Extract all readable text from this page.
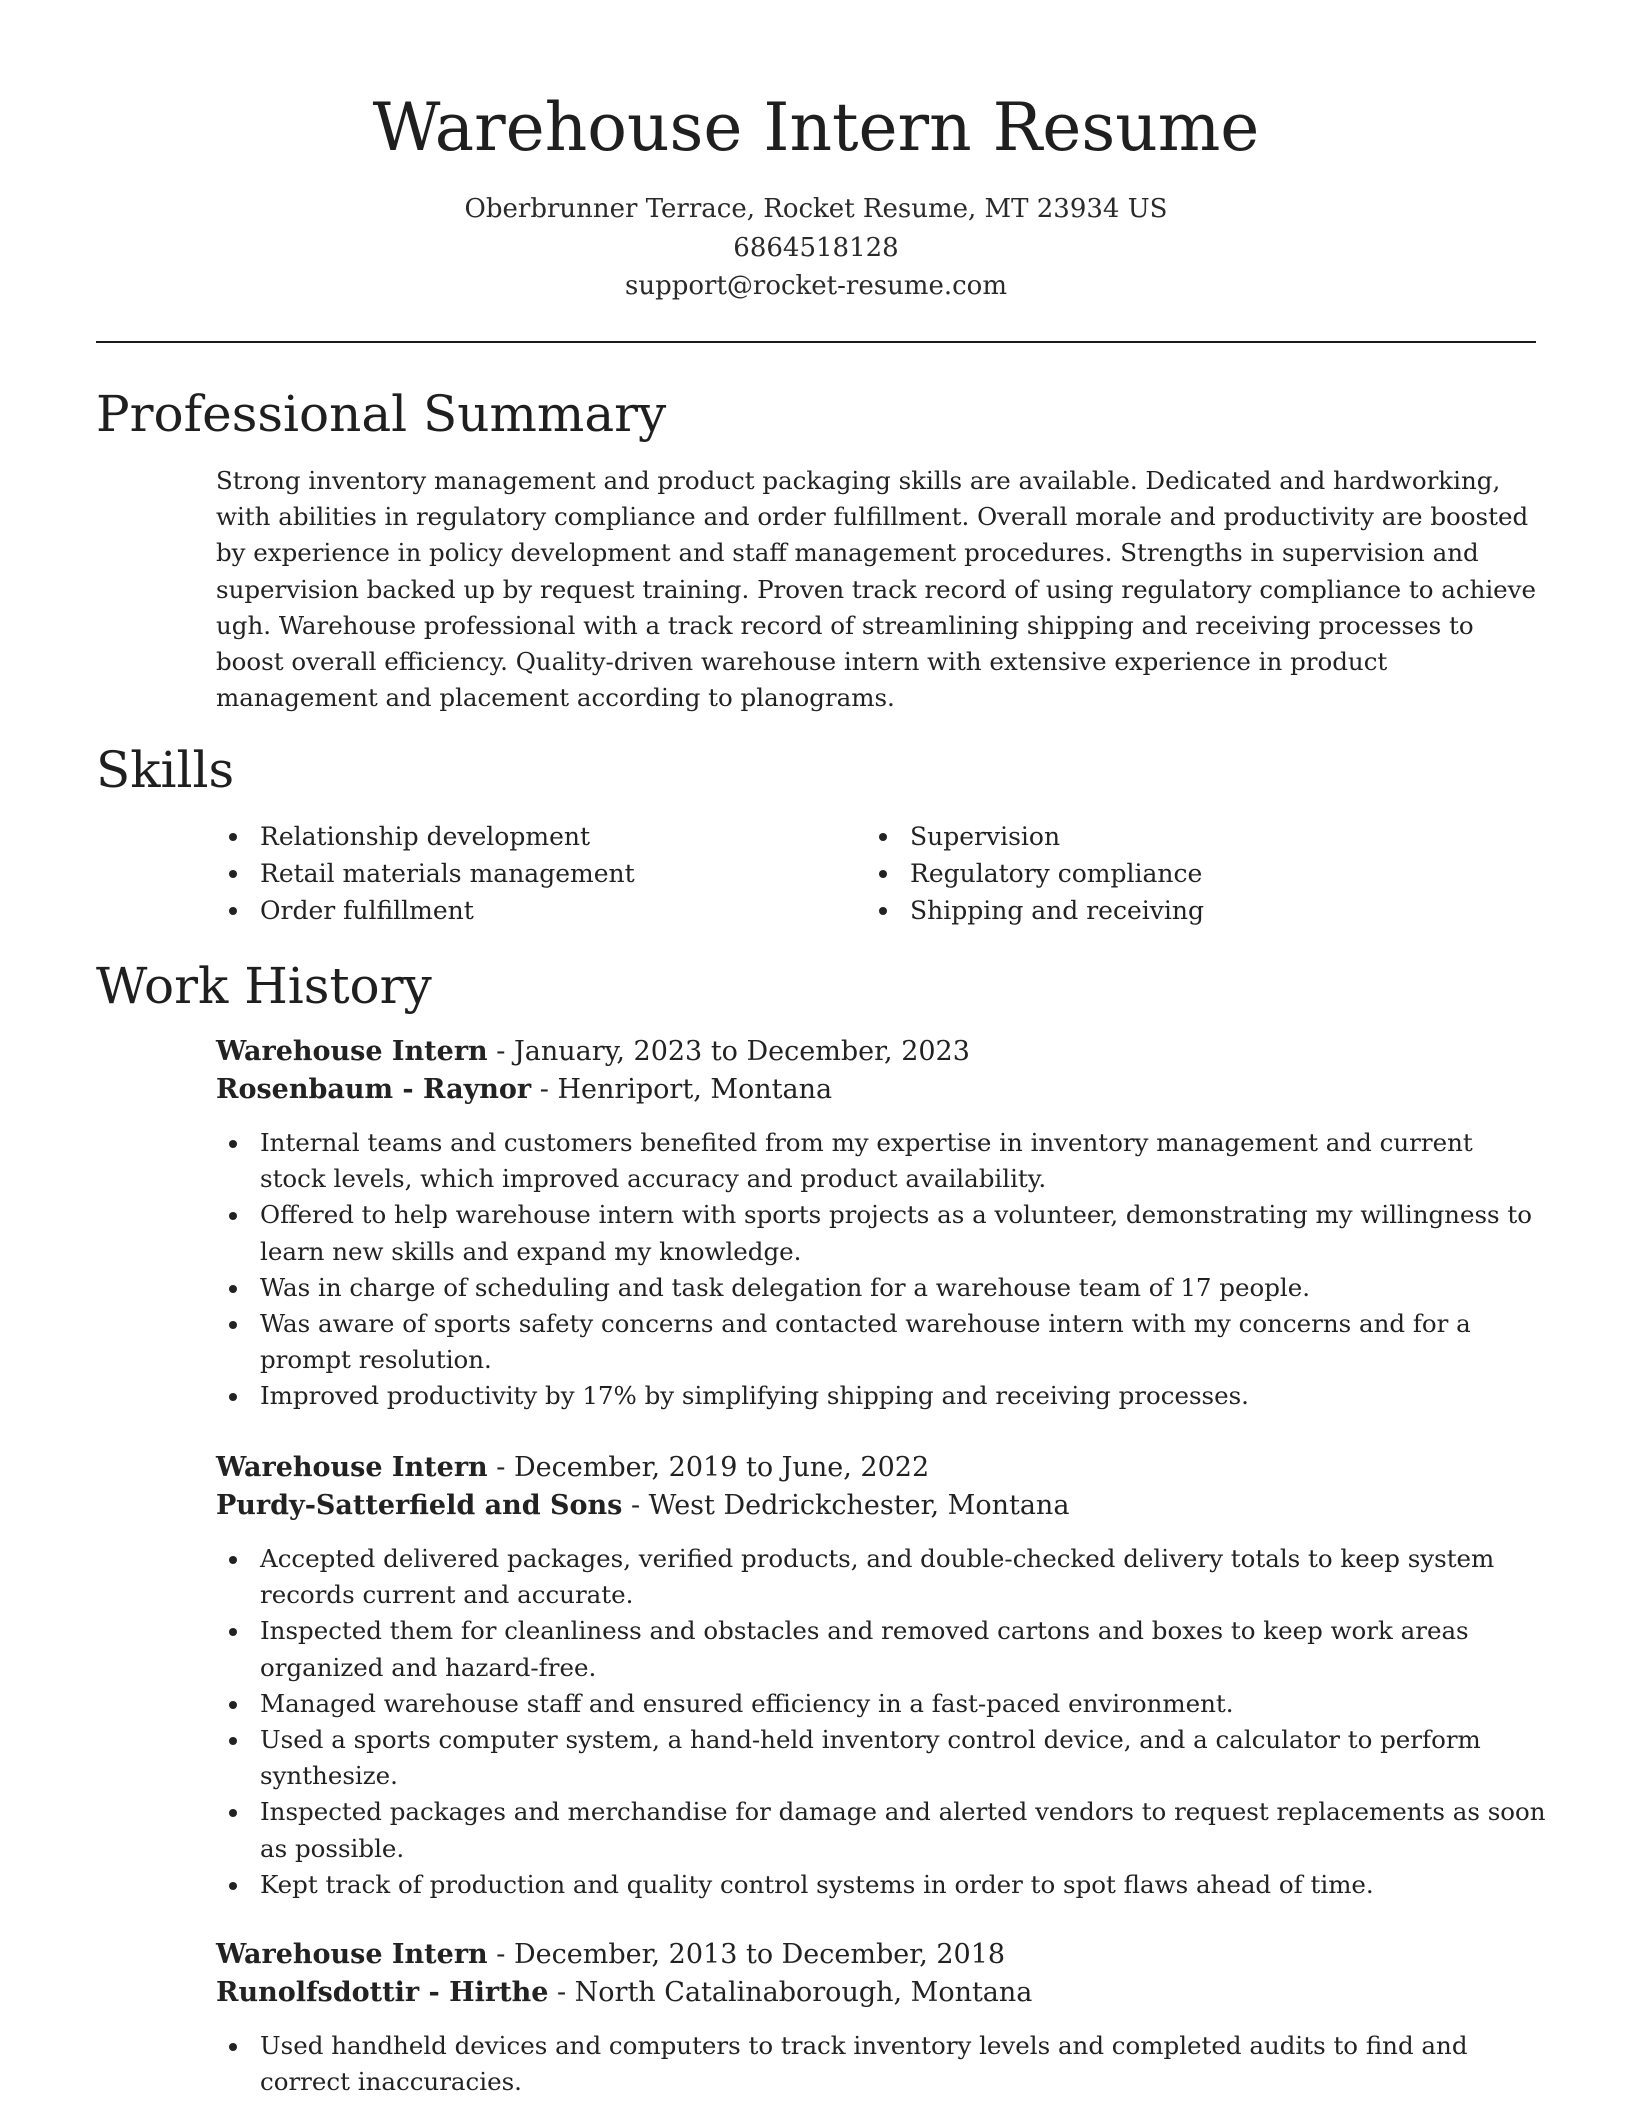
Warehouse Intern Resume
Oberbrunner Terrace, Rocket Resume, MT 23934 US
6864518128
support@rocket-resume.com
Professional Summary

Strong inventory management and product packaging skills are available. Dedicated and hardworking, with abilities in regulatory compliance and order fulfillment. Overall morale and productivity are boosted by experience in policy development and staff management procedures. Strengths in supervision and supervision backed up by request training. Proven track record of using regulatory compliance to achieve ugh. Warehouse professional with a track record of streamlining shipping and receiving processes to boost overall efficiency. Quality-driven warehouse intern with extensive experience in product management and placement according to planograms.

Skills
Relationship development
Retail materials management
Order fulfillment
Supervision
Regulatory compliance
Shipping and receiving
Work History
Warehouse Intern - January, 2023 to December, 2023
Rosenbaum - Raynor - Henriport, Montana
Internal teams and customers benefited from my expertise in inventory management and current stock levels, which improved accuracy and product availability.
Offered to help warehouse intern with sports projects as a volunteer, demonstrating my willingness to learn new skills and expand my knowledge.
Was in charge of scheduling and task delegation for a warehouse team of 17 people.
Was aware of sports safety concerns and contacted warehouse intern with my concerns and for a prompt resolution.
Improved productivity by 17% by simplifying shipping and receiving processes.
Warehouse Intern - December, 2019 to June, 2022
Purdy-Satterfield and Sons - West Dedrickchester, Montana
Accepted delivered packages, verified products, and double-checked delivery totals to keep system records current and accurate.
Inspected them for cleanliness and obstacles and removed cartons and boxes to keep work areas organized and hazard-free.
Managed warehouse staff and ensured efficiency in a fast-paced environment.
Used a sports computer system, a hand-held inventory control device, and a calculator to perform synthesize.
Inspected packages and merchandise for damage and alerted vendors to request replacements as soon as possible.
Kept track of production and quality control systems in order to spot flaws ahead of time.
Warehouse Intern - December, 2013 to December, 2018
Runolfsdottir - Hirthe - North Catalinaborough, Montana
Used handheld devices and computers to track inventory levels and completed audits to find and correct inaccuracies.
